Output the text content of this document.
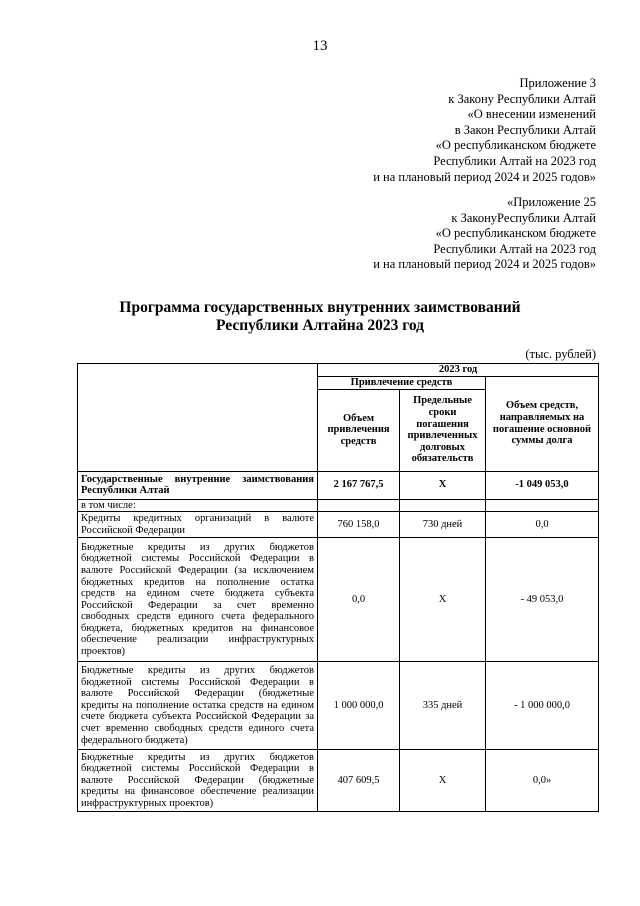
13
Приложение 3
к Закону Республики Алтай
«О внесении изменений
в Закон Республики Алтай
«О республиканском бюджете
Республики Алтай на 2023 год
и на плановый период 2024 и 2025 годов»
«Приложение 25
к ЗаконуРеспублики Алтай
«О республиканском бюджете
Республики Алтай на 2023 год
и на плановый период 2024 и 2025 годов»
Программа государственных внутренних заимствований
Республики Алтайна 2023 год
(тыс. рублей)
	2023 год		
	Привлечение средств		Объем средств, направляемых на погашение основной суммы долга
	Объем привлечения средств	Предельные сроки погашения привлеченных долговых обязательств	
Государственные внутренние заимствования Республики Алтай	2 167 767,5	Х	-1 049 053,0
в том числе:			
Кредиты кредитных организаций в валюте Российской Федерации	760 158,0	730 дней	0,0
Бюджетные кредиты из других бюджетов бюджетной системы Российской Федерации в валюте Российской Федерации (за исключением бюджетных кредитов на пополнение остатка средств на едином счете бюджета субъекта Российской Федерации за счет временно свободных средств единого счета федерального бюджета, бюджетных кредитов на финансовое обеспечение реализации инфраструктурных проектов)	0,0	Х	- 49 053,0
Бюджетные кредиты из других бюджетов бюджетной системы Российской Федерации в валюте Российской Федерации (бюджетные кредиты на пополнение остатка средств на едином счете бюджета субъекта Российской Федерации за счет временно свободных средств единого счета федерального бюджета)	1 000 000,0	335 дней	- 1 000 000,0
Бюджетные кредиты из других бюджетов бюджетной системы Российской Федерации в валюте Российской Федерации (бюджетные кредиты на финансовое обеспечение реализации инфраструктурных проектов)	407 609,5	Х	0,0»
